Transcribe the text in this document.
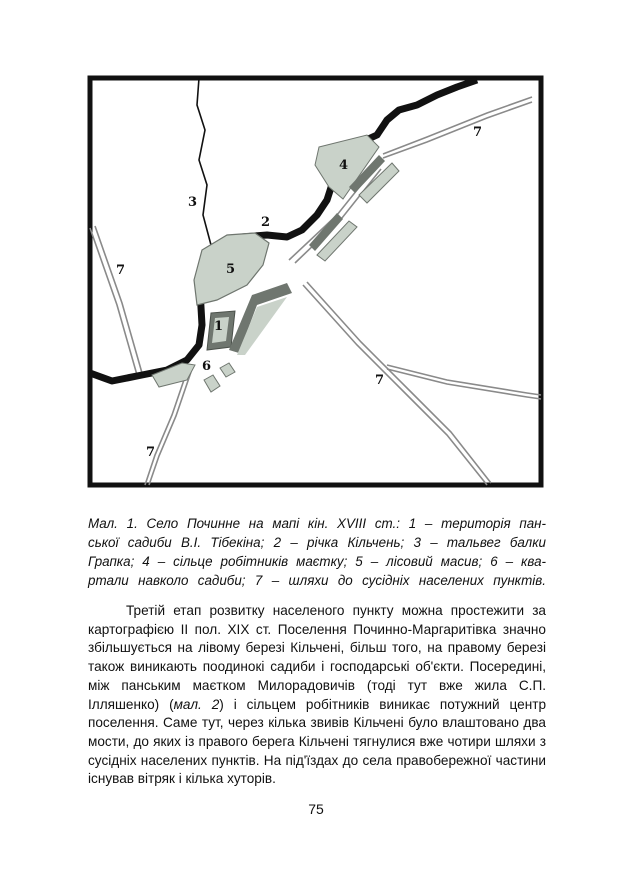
1
2
3
4
5
6
7
7
7
7

Мал. 1. Село Починне на мапі кін. XVIII ст.: 1 – територія пан-

ської садиби В.І. Тібекіна; 2 – річка Кільчень; 3 – тальвег балки

Грапка; 4 – сільце робітників маєтку; 5 – лісовий масив; 6 – ква-

ртали навколо садиби; 7 – шляхи до сусідніх населених пунктів.

Третій етап розвитку населеного пункту можна простежити за картографією ІІ пол. ХІХ ст. Поселення Починно-Маргаритівка значно збільшується на лівому березі Кільчені, більш того, на правому березі також виникають поодинокі садиби і господарські об'єкти. Посередині, між панським маєтком Милорадовичів (тоді тут вже жила С.П. Ілляшенко) (мал. 2) і сільцем робітників виникає потужний центр поселення. Саме тут, через кілька звивів Кільчені було влаштовано два мости, до яких із правого берега Кільчені тягнулися вже чотири шляхи з сусідніх населених пунктів. На під'їздах до села правобережної частини існував вітряк і кілька хуторів.

75
